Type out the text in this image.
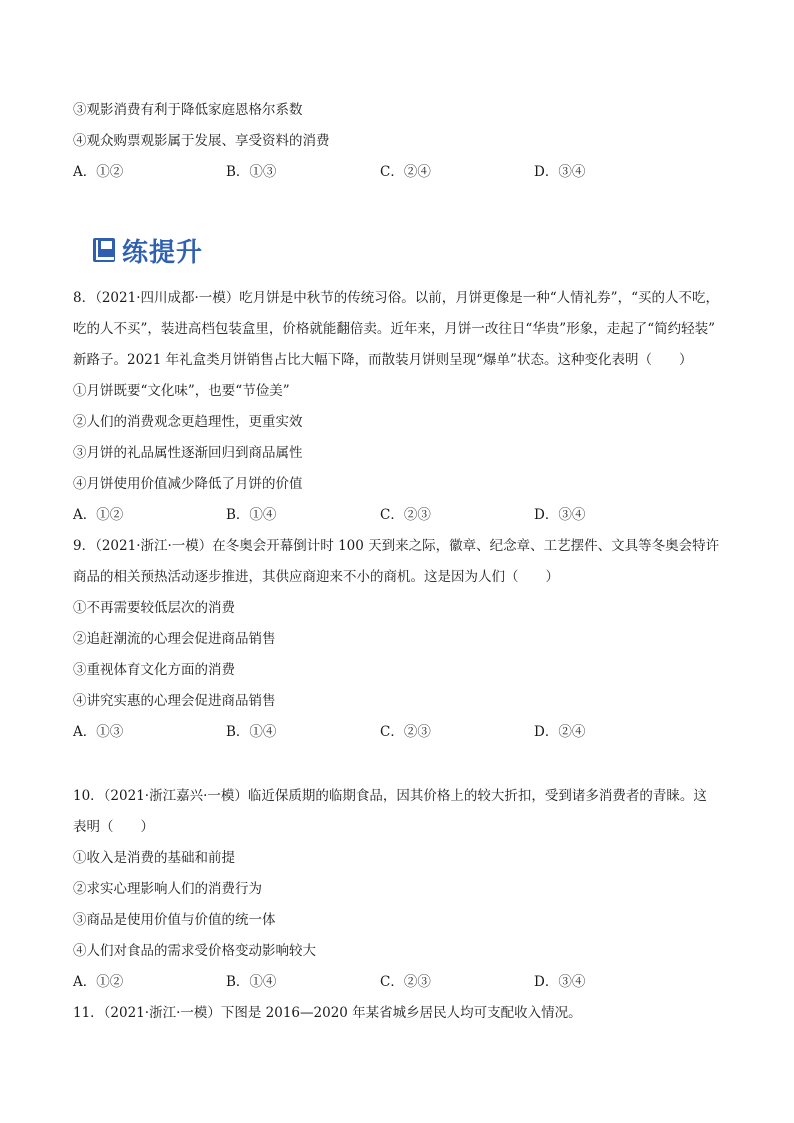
③观影消费有利于降低家庭恩格尔系数
④观众购票观影属于发展、享受资料的消费
A．①②	B．①③	C．②④	D．③④
练提升
8．（2021·四川成都·一模）吃月饼是中秋节的传统习俗。以前，月饼更像是一种“人情礼券”，“买的人不吃，
吃的人不买”，装进高档包装盒里，价格就能翻倍卖。近年来，月饼一改往日“华贵”形象，走起了“简约轻装”
新路子。2021 年礼盒类月饼销售占比大幅下降，而散装月饼则呈现“爆单”状态。这种变化表明（　　）
①月饼既要“文化味”，也要“节俭美”
②人们的消费观念更趋理性，更重实效
③月饼的礼品属性逐渐回归到商品属性
④月饼使用价值减少降低了月饼的价值
A．①②	B．①④	C．②③	D．③④
9．（2021·浙江·一模）在冬奥会开幕倒计时 100 天到来之际，徽章、纪念章、工艺摆件、文具等冬奥会特许
商品的相关预热活动逐步推进，其供应商迎来不小的商机。这是因为人们（　　）
①不再需要较低层次的消费
②追赶潮流的心理会促进商品销售
③重视体育文化方面的消费
④讲究实惠的心理会促进商品销售
A．①③	B．①④	C．②③	D．②④
10．（2021·浙江嘉兴·一模）临近保质期的临期食品，因其价格上的较大折扣，受到诸多消费者的青睐。这
表明（　　）
①收入是消费的基础和前提
②求实心理影响人们的消费行为
③商品是使用价值与价值的统一体
④人们对食品的需求受价格变动影响较大
A．①②	B．①④	C．②③	D．③④
11．（2021·浙江·一模）下图是 2016—2020 年某省城乡居民人均可支配收入情况。
